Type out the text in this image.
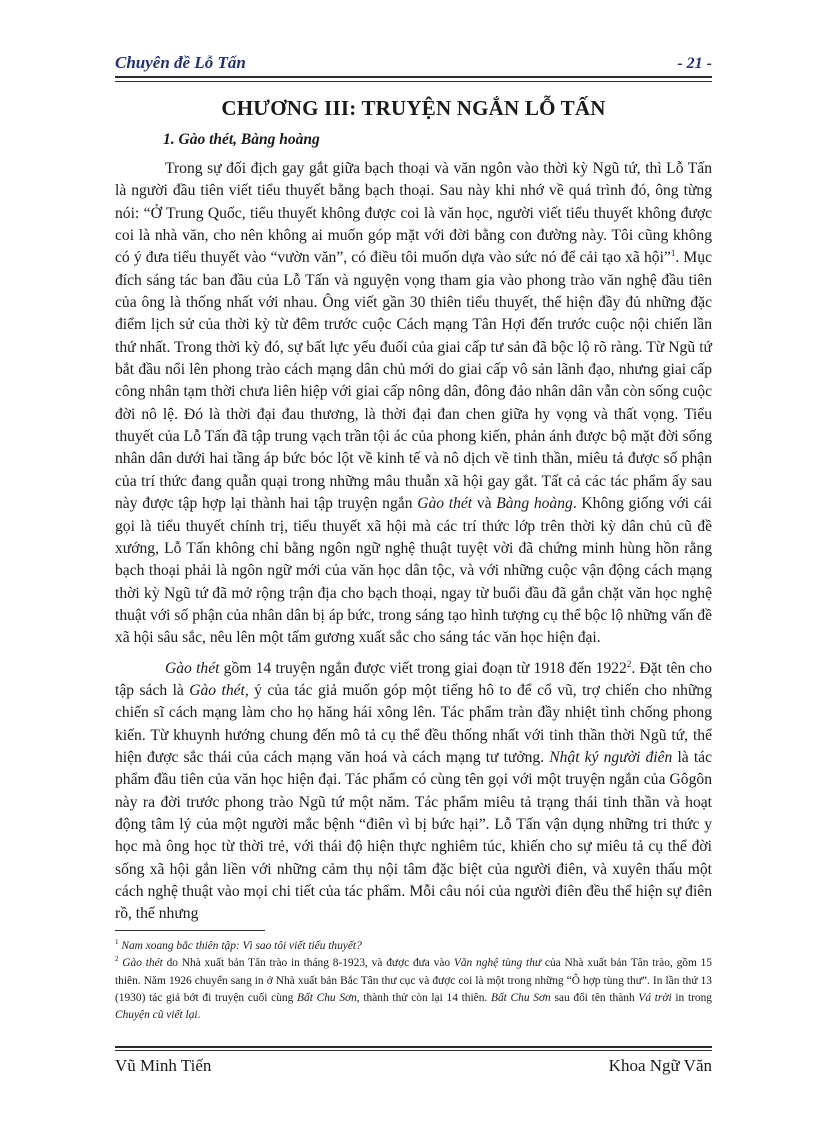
Chuyên đề Lỗ Tấn	- 21 -
CHƯƠNG III: TRUYỆN NGẮN LỖ TẤN
1. Gào thét, Bàng hoàng

Trong sự đối địch gay gắt giữa bạch thoại và văn ngôn vào thời kỳ Ngũ tứ, thì Lỗ Tấn là người đầu tiên viết tiểu thuyết bằng bạch thoại. Sau này khi nhớ về quá trình đó, ông từng nói: “Ở Trung Quốc, tiểu thuyết không được coi là văn học, người viết tiểu thuyết không được coi là nhà văn, cho nên không ai muốn góp mặt với đời bằng con đường này. Tôi cũng không có ý đưa tiểu thuyết vào “vườn văn”, có điều tôi muốn dựa vào sức nó để cải tạo xã hội”$^1$. Mục đích sáng tác ban đầu của Lỗ Tấn và nguyện vọng tham gia vào phong trào văn nghệ đầu tiên của ông là thống nhất với nhau. Ông viết gần 30 thiên tiểu thuyết, thể hiện đầy đủ những đặc điểm lịch sử của thời kỳ từ đêm trước cuộc Cách mạng Tân Hợi đến trước cuộc nội chiến lần thứ nhất. Trong thời kỳ đó, sự bất lực yếu đuối của giai cấp tư sản đã bộc lộ rõ ràng. Từ Ngũ tứ bắt đầu nổi lên phong trào cách mạng dân chủ mới do giai cấp vô sản lãnh đạo, nhưng giai cấp công nhân tạm thời chưa liên hiệp với giai cấp nông dân, đông đảo nhân dân vẫn còn sống cuộc đời nô lệ. Đó là thời đại đau thương, là thời đại đan chen giữa hy vọng và thất vọng. Tiểu thuyết của Lỗ Tấn đã tập trung vạch trần tội ác của phong kiến, phản ánh được bộ mặt đời sống nhân dân dưới hai tầng áp bức bóc lột về kinh tế và nô dịch về tinh thần, miêu tả được số phận của trí thức đang quẫn quại trong những mâu thuẫn xã hội gay gắt. Tất cả các tác phẩm ấy sau này được tập hợp lại thành hai tập truyện ngắn Gào thét và Bàng hoàng. Không giống với cái gọi là tiểu thuyết chính trị, tiểu thuyết xã hội mà các trí thức lớp trên thời kỳ dân chủ cũ đề xướng, Lỗ Tấn không chỉ bằng ngôn ngữ nghệ thuật tuyệt vời đã chứng minh hùng hồn rằng bạch thoại phải là ngôn ngữ mới của văn học dân tộc, và với những cuộc vận động cách mạng thời kỳ Ngũ tứ đã mở rộng trận địa cho bạch thoại, ngay từ buổi đầu đã gắn chặt văn học nghệ thuật với số phận của nhân dân bị áp bức, trong sáng tạo hình tượng cụ thể bộc lộ những vấn đề xã hội sâu sắc, nêu lên một tấm gương xuất sắc cho sáng tác văn học hiện đại.

Gào thét gồm 14 truyện ngắn được viết trong giai đoạn từ 1918 đến 1922$^2$. Đặt tên cho tập sách là Gào thét, ý của tác giả muốn góp một tiếng hô to để cổ vũ, trợ chiến cho những chiến sĩ cách mạng làm cho họ hăng hái xông lên. Tác phẩm tràn đầy nhiệt tình chống phong kiến. Từ khuynh hướng chung đến mô tả cụ thể đều thống nhất với tinh thần thời Ngũ tứ, thể hiện được sắc thái của cách mạng văn hoá và cách mạng tư tưởng. Nhật ký người điên là tác phẩm đầu tiên của văn học hiện đại. Tác phẩm có cùng tên gọi với một truyện ngắn của Gôgôn này ra đời trước phong trào Ngũ tứ một năm. Tác phẩm miêu tả trạng thái tinh thần và hoạt động tâm lý của một người mắc bệnh “điên vì bị bức hại”. Lỗ Tấn vận dụng những tri thức y học mà ông học từ thời trẻ, với thái độ hiện thực nghiêm túc, khiến cho sự miêu tả cụ thể đời sống xã hội gắn liền với những cảm thụ nội tâm đặc biệt của người điên, và xuyên thấu một cách nghệ thuật vào mọi chi tiết của tác phẩm. Mỗi câu nói của người điên đều thể hiện sự điên rồ, thế nhưng

$^1$ Nam xoang bắc thiên tập: Vì sao tôi viết tiểu thuyết?

$^2$ Gào thét do Nhà xuất bản Tân trào in tháng 8-1923, và được đưa vào Văn nghệ tùng thư của Nhà xuất bản Tân trào, gồm 15 thiên. Năm 1926 chuyển sang in ở Nhà xuất bản Bắc Tân thư cục và được coi là một trong những “Ô hợp tùng thư”. In lần thứ 13 (1930) tác giả bớt đi truyện cuối cùng Bất Chu Sơn, thành thử còn lại 14 thiên. Bất Chu Sơn sau đổi tên thành Vá trời in trong Chuyện cũ viết lại.

Vũ Minh Tiến	Khoa Ngữ Văn
